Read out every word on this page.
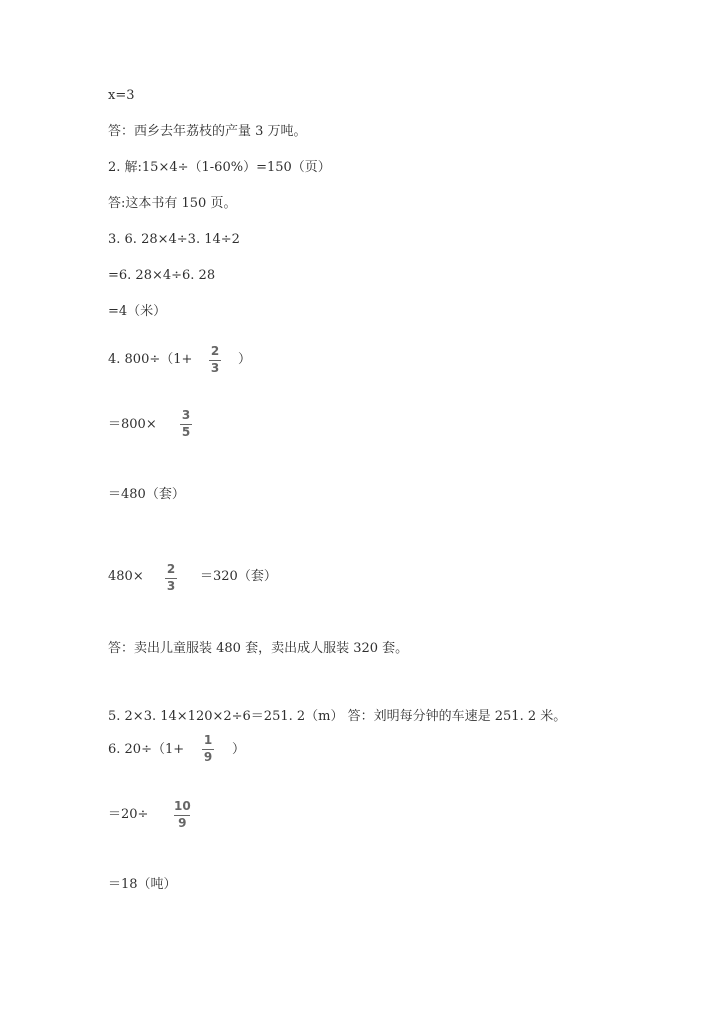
x=3
答：西乡去年荔枝的产量 3 万吨。
2. 解:15×4÷（1-60%）=150（页）
答:这本书有 150 页。
3. 6. 28×4÷3. 14÷2
=6. 28×4÷6. 28
=4（米）
4. 800÷（1+
2
3
）
＝800×
3
5
＝480（套）
480× 2
3
＝320（套）
答：卖出儿童服装 480 套，卖出成人服装 320 套。
5. 2×3. 14×120×2÷6＝251. 2（m） 答：刘明每分钟的车速是 251. 2 米。
6. 20÷（1+
1
9 ）
＝20÷
10
9
＝18（吨）
